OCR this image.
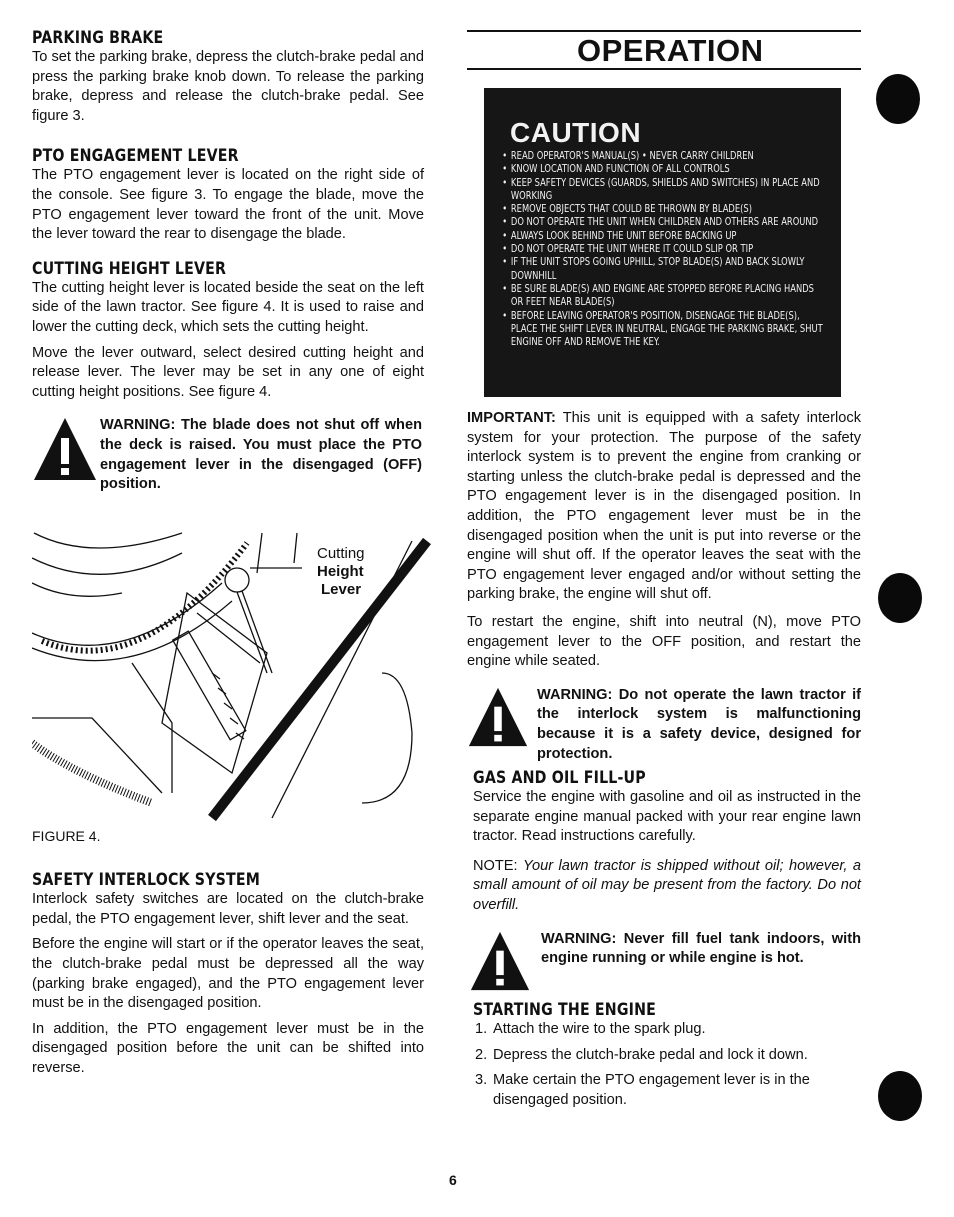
PARKING BRAKE

To set the parking brake, depress the clutch-brake pedal and press the parking brake knob down. To release the parking brake, depress and release the clutch-brake pedal. See figure 3.

PTO ENGAGEMENT LEVER

The PTO engagement lever is located on the right side of the console. See figure 3. To engage the blade, move the PTO engagement lever toward the front of the unit. Move the lever toward the rear to disengage the blade.

CUTTING HEIGHT LEVER

The cutting height lever is located beside the seat on the left side of the lawn tractor. See figure 4. It is used to raise and lower the cutting deck, which sets the cutting height.

Move the lever outward, select desired cutting height and release lever. The lever may be set in any one of eight cutting height positions. See figure 4.

WARNING: The blade does not shut off when the deck is raised. You must place the PTO engagement lever in the disengaged (OFF) position.

Cutting
Height
Lever

FIGURE 4.

SAFETY INTERLOCK SYSTEM

Interlock safety switches are located on the clutch-brake pedal, the PTO engagement lever, shift lever and the seat.

Before the engine will start or if the operator leaves the seat, the clutch-brake pedal must be depressed all the way (parking brake engaged), and the PTO engagement lever must be in the disengaged position.

In addition, the PTO engagement lever must be in the disengaged position before the unit can be shifted into reverse.

OPERATION
CAUTION
• READ OPERATOR'S MANUAL(S) • NEVER CARRY CHILDREN
• KNOW LOCATION AND FUNCTION OF ALL CONTROLS
• KEEP SAFETY DEVICES (GUARDS, SHIELDS AND SWITCHES) IN PLACE AND WORKING
• REMOVE OBJECTS THAT COULD BE THROWN BY BLADE(S)
• DO NOT OPERATE THE UNIT WHEN CHILDREN AND OTHERS ARE AROUND
• ALWAYS LOOK BEHIND THE UNIT BEFORE BACKING UP
• DO NOT OPERATE THE UNIT WHERE IT COULD SLIP OR TIP
• IF THE UNIT STOPS GOING UPHILL, STOP BLADE(S) AND BACK SLOWLY DOWNHILL
• BE SURE BLADE(S) AND ENGINE ARE STOPPED BEFORE PLACING HANDS OR FEET NEAR BLADE(S)
• BEFORE LEAVING OPERATOR'S POSITION, DISENGAGE THE BLADE(S), PLACE THE SHIFT LEVER IN NEUTRAL, ENGAGE THE PARKING BRAKE, SHUT ENGINE OFF AND REMOVE THE KEY.

IMPORTANT: This unit is equipped with a safety interlock system for your protection. The purpose of the safety interlock system is to prevent the engine from cranking or starting unless the clutch-brake pedal is depressed and the PTO engagement lever is in the disengaged position. In addition, the PTO engagement lever must be in the disengaged position when the unit is put into reverse or the engine will shut off. If the operator leaves the seat with the PTO engagement lever engaged and/or without setting the parking brake, the engine will shut off.

To restart the engine, shift into neutral (N), move PTO engagement lever to the OFF position, and restart the engine while seated.

WARNING: Do not operate the lawn tractor if the interlock system is malfunctioning because it is a safety device, designed for protection.

GAS AND OIL FILL-UP

Service the engine with gasoline and oil as instructed in the separate engine manual packed with your rear engine lawn tractor. Read instructions carefully.

NOTE: Your lawn tractor is shipped without oil; however, a small amount of oil may be present from the factory. Do not overfill.

WARNING: Never fill fuel tank indoors, with engine running or while engine is hot.

STARTING THE ENGINE
1. Attach the wire to the spark plug.
2. Depress the clutch-brake pedal and lock it down.
3. Make certain the PTO engagement lever is in the disengaged position.
6
